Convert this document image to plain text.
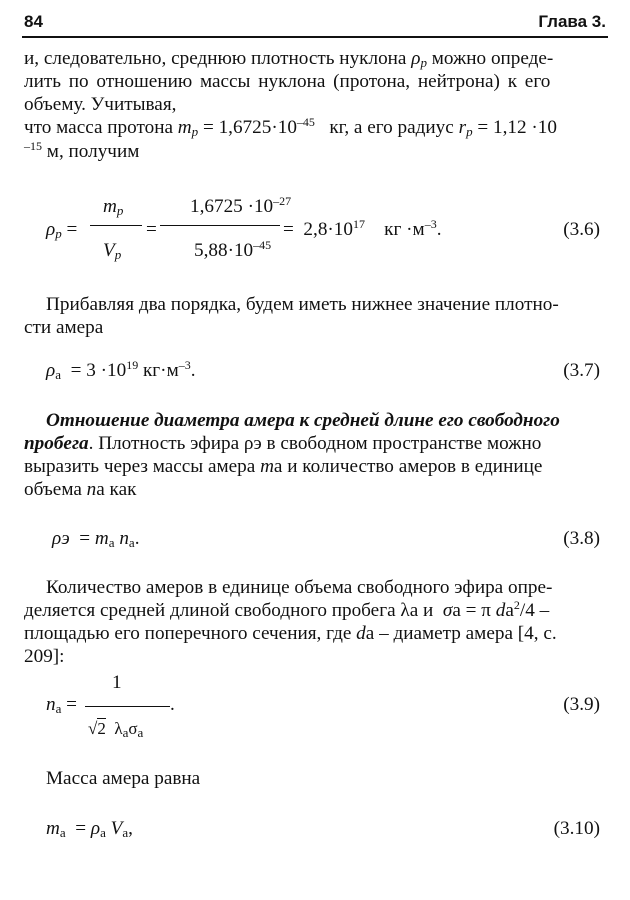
84	Глава 3.
и, следовательно, среднюю плотность нуклона $\rho_p$ можно опреде-
лить по отношению массы нуклона (протона, нейтрона) к его
объему. Учитывая,
что масса протона $m_p = 1,6725\cdot 10^{-45}$ кг, а его радиус $r_p = 1,12 \cdot 10$
$^{-15}$ м, получим
$\rho_p$ =
$m_p$
$V_p$
=
$1,6725 \cdot 10^{-27}$
$5,88\cdot 10^{-45}$
=  $2,8\cdot 10^{17}$ кг $\cdot м^{-3}$.	(3.6)
Прибавляя два порядка, будем иметь нижнее значение плотно-
сти амера
$\rho_а = 3 \cdot 10^{19}$ $кг\cdot м^{-3}$.	(3.7)
Отношение диаметра амера к средней длине его свободного
пробега. Плотность эфира ρэ в свободном пространстве можно
выразить через массы амера mа и количество амеров в единице
объема nа как
$\rho э = m_а$ $n_а$.	(3.8)
Количество амеров в единице объема свободного эфира опре-
деляется средней длиной свободного пробега λа и σа = π $dа^2/4$ –
площадью его поперечного сечения, где dа – диаметр амера [4, с.
209]:
1
$n_а$ =	.
√2 $\lambda_а\sigma_а$
(3.9)
Масса амера равна
$m_а = \rho_а$ $V_а$,	(3.10)
